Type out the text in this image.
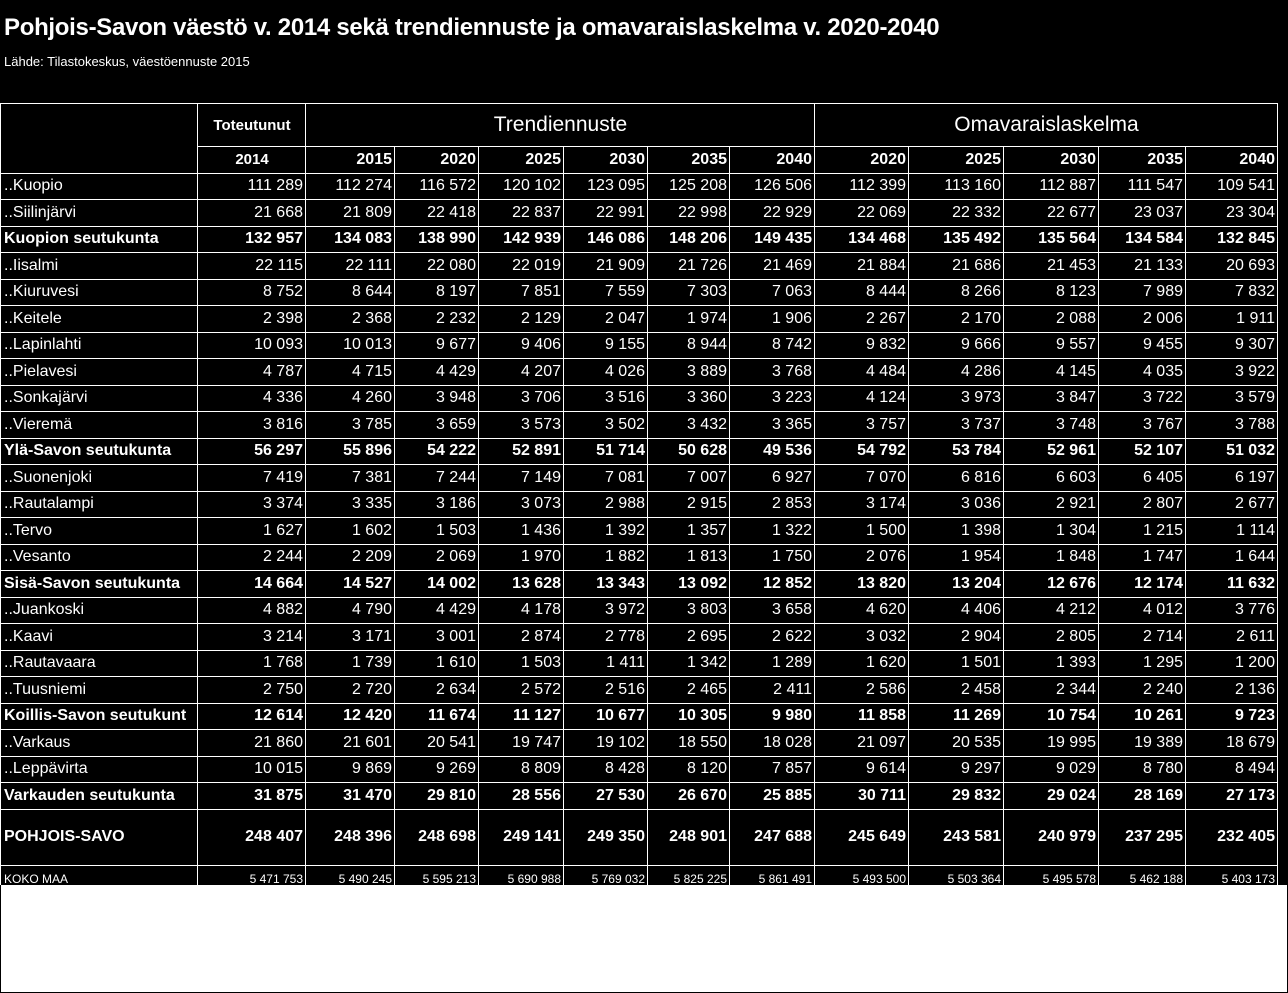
Pohjois-Savon väestö v. 2014 sekä trendiennuste ja omavaraislaskelma v. 2020-2040
Lähde: Tilastokeskus, väestöennuste 2015
	Toteutunut	Trendiennuste						Omavaraislaskelma				
	2014	2015	2020	2025	2030	2035	2040	2020	2025	2030	2035	2040
..Kuopio	111 289	112 274	116 572	120 102	123 095	125 208	126 506	112 399	113 160	112 887	111 547	109 541
..Siilinjärvi	21 668	21 809	22 418	22 837	22 991	22 998	22 929	22 069	22 332	22 677	23 037	23 304
Kuopion seutukunta	132 957	134 083	138 990	142 939	146 086	148 206	149 435	134 468	135 492	135 564	134 584	132 845
..Iisalmi	22 115	22 111	22 080	22 019	21 909	21 726	21 469	21 884	21 686	21 453	21 133	20 693
..Kiuruvesi	8 752	8 644	8 197	7 851	7 559	7 303	7 063	8 444	8 266	8 123	7 989	7 832
..Keitele	2 398	2 368	2 232	2 129	2 047	1 974	1 906	2 267	2 170	2 088	2 006	1 911
..Lapinlahti	10 093	10 013	9 677	9 406	9 155	8 944	8 742	9 832	9 666	9 557	9 455	9 307
..Pielavesi	4 787	4 715	4 429	4 207	4 026	3 889	3 768	4 484	4 286	4 145	4 035	3 922
..Sonkajärvi	4 336	4 260	3 948	3 706	3 516	3 360	3 223	4 124	3 973	3 847	3 722	3 579
..Vieremä	3 816	3 785	3 659	3 573	3 502	3 432	3 365	3 757	3 737	3 748	3 767	3 788
Ylä-Savon seutukunta	56 297	55 896	54 222	52 891	51 714	50 628	49 536	54 792	53 784	52 961	52 107	51 032
..Suonenjoki	7 419	7 381	7 244	7 149	7 081	7 007	6 927	7 070	6 816	6 603	6 405	6 197
..Rautalampi	3 374	3 335	3 186	3 073	2 988	2 915	2 853	3 174	3 036	2 921	2 807	2 677
..Tervo	1 627	1 602	1 503	1 436	1 392	1 357	1 322	1 500	1 398	1 304	1 215	1 114
..Vesanto	2 244	2 209	2 069	1 970	1 882	1 813	1 750	2 076	1 954	1 848	1 747	1 644
Sisä-Savon seutukunta	14 664	14 527	14 002	13 628	13 343	13 092	12 852	13 820	13 204	12 676	12 174	11 632
..Juankoski	4 882	4 790	4 429	4 178	3 972	3 803	3 658	4 620	4 406	4 212	4 012	3 776
..Kaavi	3 214	3 171	3 001	2 874	2 778	2 695	2 622	3 032	2 904	2 805	2 714	2 611
..Rautavaara	1 768	1 739	1 610	1 503	1 411	1 342	1 289	1 620	1 501	1 393	1 295	1 200
..Tuusniemi	2 750	2 720	2 634	2 572	2 516	2 465	2 411	2 586	2 458	2 344	2 240	2 136
Koillis-Savon seutukunt	12 614	12 420	11 674	11 127	10 677	10 305	9 980	11 858	11 269	10 754	10 261	9 723
..Varkaus	21 860	21 601	20 541	19 747	19 102	18 550	18 028	21 097	20 535	19 995	19 389	18 679
..Leppävirta	10 015	9 869	9 269	8 809	8 428	8 120	7 857	9 614	9 297	9 029	8 780	8 494
Varkauden seutukunta	31 875	31 470	29 810	28 556	27 530	26 670	25 885	30 711	29 832	29 024	28 169	27 173
POHJOIS-SAVO	248 407	248 396	248 698	249 141	249 350	248 901	247 688	245 649	243 581	240 979	237 295	232 405
KOKO MAA	5 471 753	5 490 245	5 595 213	5 690 988	5 769 032	5 825 225	5 861 491	5 493 500	5 503 364	5 495 578	5 462 188	5 403 173
